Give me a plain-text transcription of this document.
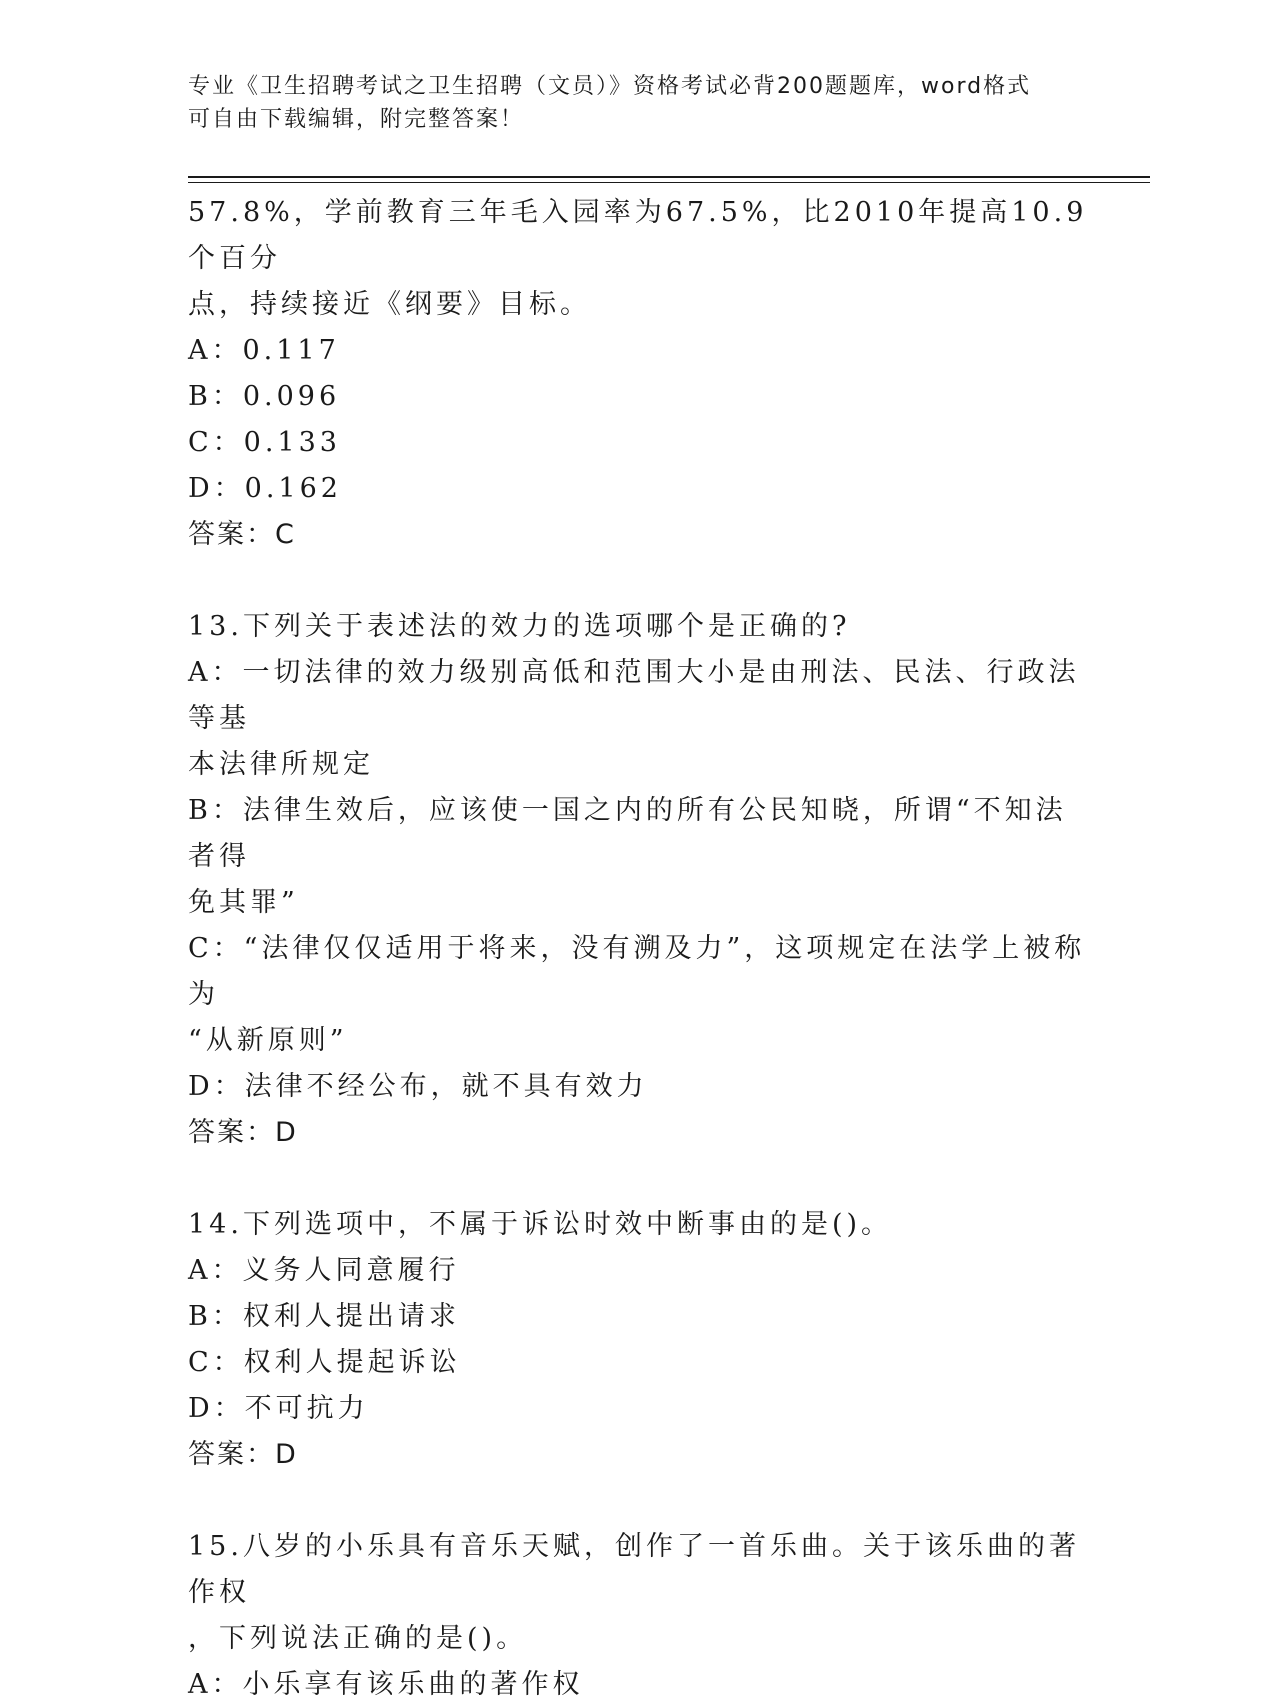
专业《卫生招聘考试之卫生招聘（文员）》资格考试必背200题题库，word格式
可自由下载编辑，附完整答案！

57.8%，学前教育三年毛入园率为67.5%，比2010年提高10.9个百分

点，持续接近《纲要》目标。

A：0.117

B：0.096

C：0.133

D：0.162

答案：C

13.下列关于表述法的效力的选项哪个是正确的?

A：一切法律的效力级别高低和范围大小是由刑法、民法、行政法等基

本法律所规定

B：法律生效后，应该使一国之内的所有公民知晓，所谓“不知法者得

免其罪”

C：“法律仅仅适用于将来，没有溯及力”，这项规定在法学上被称为

“从新原则”

D：法律不经公布，就不具有效力

答案：D

14.下列选项中，不属于诉讼时效中断事由的是()。

A：义务人同意履行

B：权利人提出请求

C：权利人提起诉讼

D：不可抗力

答案：D

15.八岁的小乐具有音乐天赋，创作了一首乐曲。关于该乐曲的著作权

，下列说法正确的是()。

A：小乐享有该乐曲的著作权
